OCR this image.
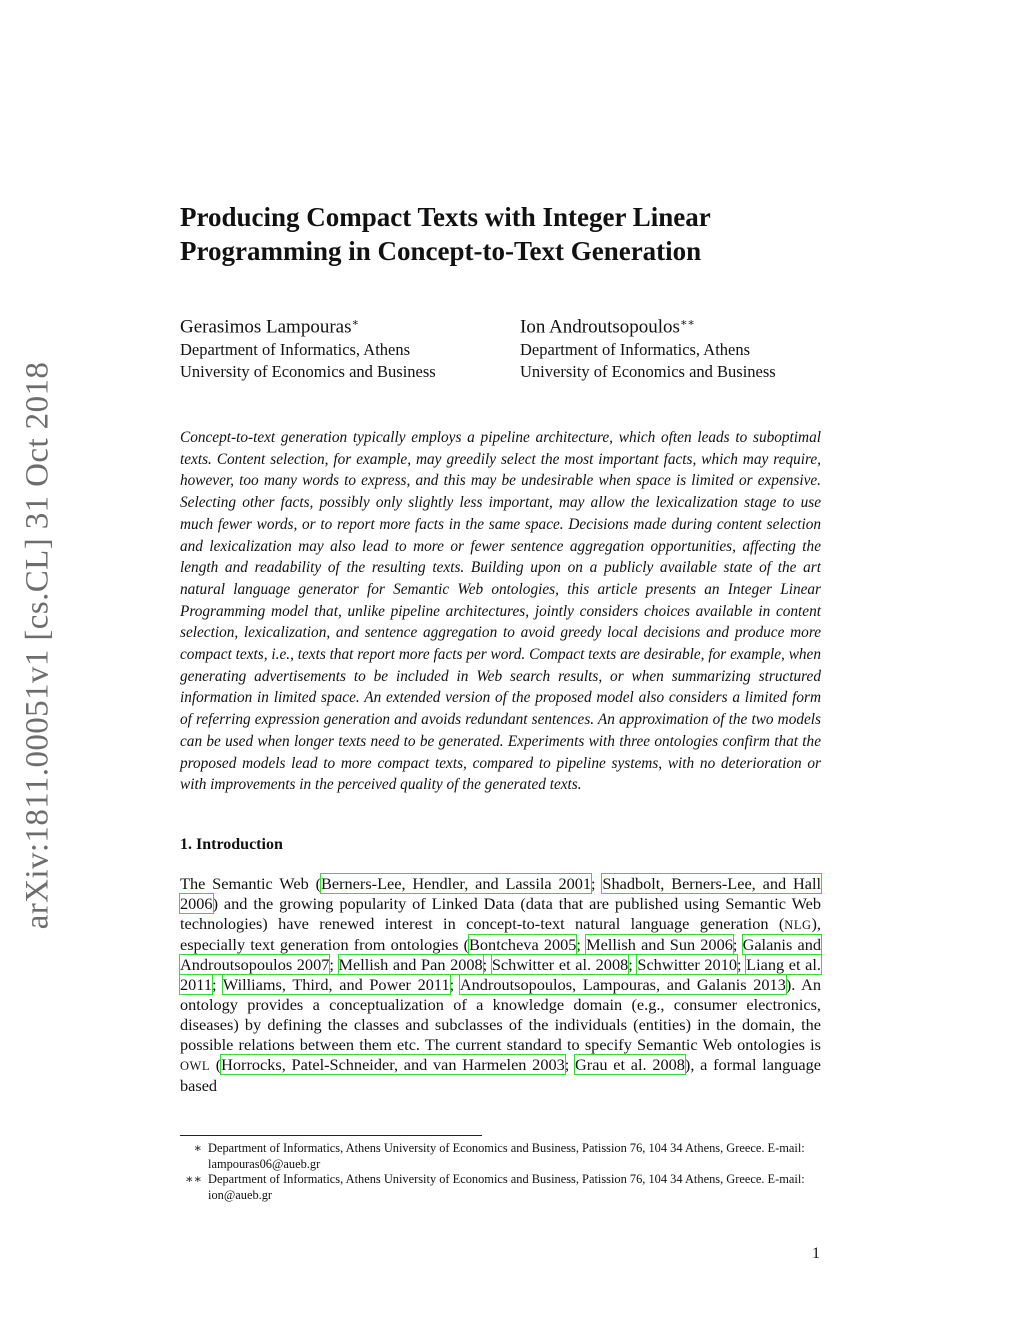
arXiv:1811.00051v1 [cs.CL] 31 Oct 2018
Producing Compact Texts with Integer Linear
Programming in Concept-to-Text Generation
Gerasimos Lampouras∗
Department of Informatics, Athens
University of Economics and Business
Ion Androutsopoulos∗∗
Department of Informatics, Athens
University of Economics and Business

Concept-to-text generation typically employs a pipeline architecture, which often leads to suboptimal texts. Content selection, for example, may greedily select the most important facts, which may require, however, too many words to express, and this may be undesirable when space is limited or expensive. Selecting other facts, possibly only slightly less important, may allow the lexicalization stage to use much fewer words, or to report more facts in the same space. Decisions made during content selection and lexicalization may also lead to more or fewer sentence aggregation opportunities, affecting the length and readability of the resulting texts. Building upon on a publicly available state of the art natural language generator for Semantic Web ontologies, this article presents an Integer Linear Programming model that, unlike pipeline architectures, jointly considers choices available in content selection, lexicalization, and sentence aggregation to avoid greedy local decisions and produce more compact texts, i.e., texts that report more facts per word. Compact texts are desirable, for example, when generating advertisements to be included in Web search results, or when summarizing structured information in limited space. An extended version of the proposed model also considers a limited form of referring expression generation and avoids redundant sentences. An approximation of the two models can be used when longer texts need to be generated. Experiments with three ontologies confirm that the proposed models lead to more compact texts, compared to pipeline systems, with no deterioration or with improvements in the perceived quality of the generated texts.

1. Introduction

The Semantic Web (Berners-Lee, Hendler, and Lassila 2001; Shadbolt, Berners-Lee, and Hall 2006) and the growing popularity of Linked Data (data that are published using Semantic Web technologies) have renewed interest in concept-to-text natural language generation (NLG), especially text generation from ontologies (Bontcheva 2005; Mellish and Sun 2006; Galanis and Androutsopoulos 2007; Mellish and Pan 2008; Schwitter et al. 2008; Schwitter 2010; Liang et al. 2011; Williams, Third, and Power 2011; Androutsopoulos, Lampouras, and Galanis 2013). An ontology provides a conceptualization of a knowledge domain (e.g., consumer electronics, diseases) by defining the classes and subclasses of the individuals (entities) in the domain, the possible relations between them etc. The current standard to specify Semantic Web ontologies is OWL (Horrocks, Patel-Schneider, and van Harmelen 2003; Grau et al. 2008), a formal language based

∗ Department of Informatics, Athens University of Economics and Business, Patission 76, 104 34 Athens, Greece. E-mail: lampouras06@aueb.gr
∗∗ Department of Informatics, Athens University of Economics and Business, Patission 76, 104 34 Athens, Greece. E-mail: ion@aueb.gr
1
